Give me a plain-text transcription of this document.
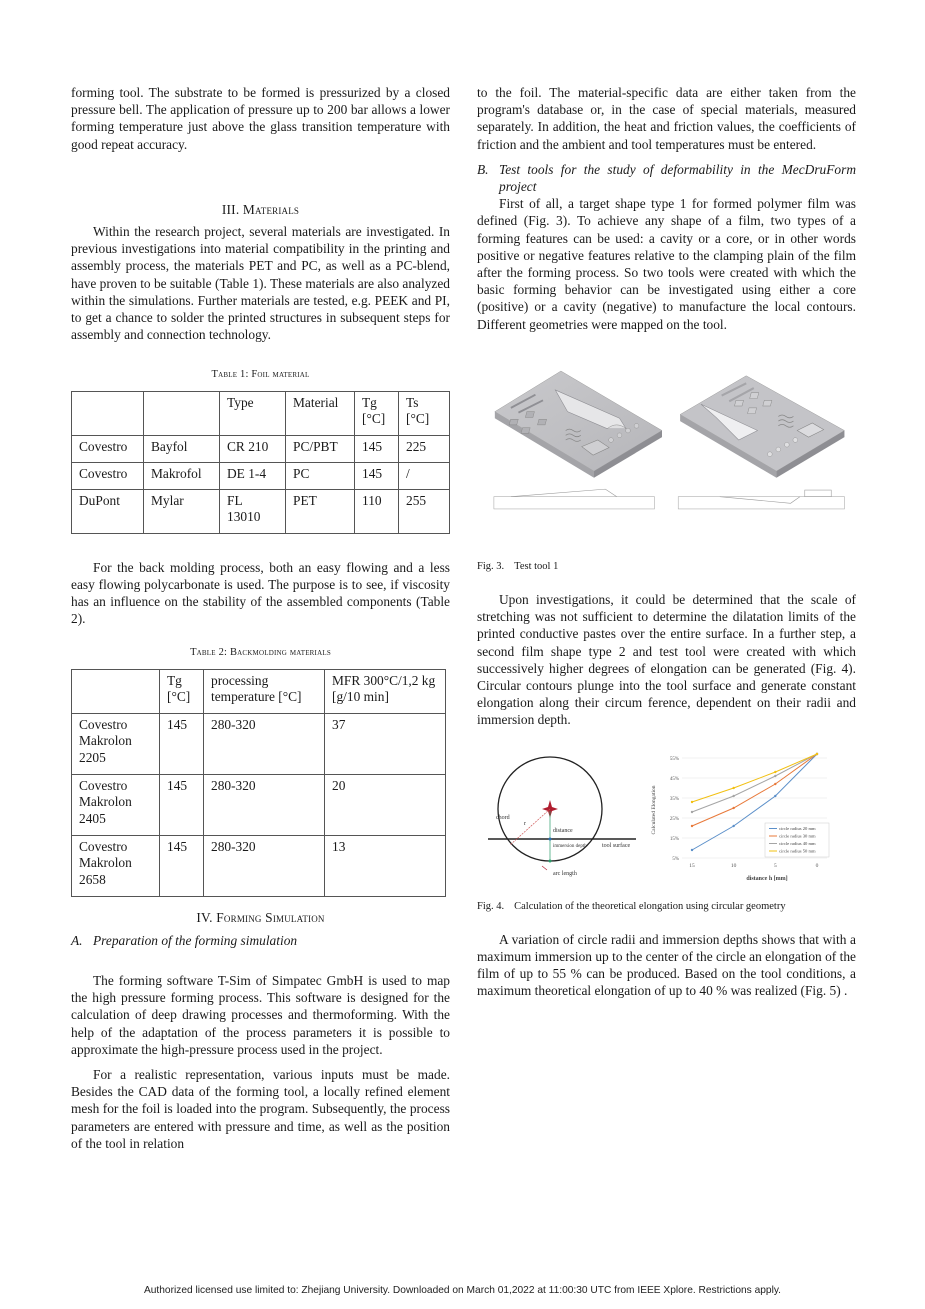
forming tool. The substrate to be formed is pressurized by a closed pressure bell. The application of pressure up to 200 bar allows a lower forming temperature just above the glass transition temperature with good repeat accuracy.

III. Materials

Within the research project, several materials are investigated. In previous investigations into material compatibility in the printing and assembly process, the materials PET and PC, as well as a PC-blend, have proven to be suitable (Table 1). These materials are also analyzed within the simulations. Further materials are tested, e.g. PEEK and PI, to get a chance to solder the printed structures in subsequent steps for assembly and connection technology.

Table 1: Foil material

		Type	Material	Tg [°C]	Ts [°C]
Covestro	Bayfol	CR 210	PC/PBT	145	225
Covestro	Makrofol	DE 1-4	PC	145	/
DuPont	Mylar	FL 13010	PET	110	255

For the back molding process, both an easy flowing and a less easy flowing polycarbonate is used. The purpose is to see, if viscosity has an influence on the stability of the assembled components (Table 2).

Table 2: Backmolding materials

	Tg [°C]	processing temperature [°C]	MFR 300°C/1,2 kg [g/10 min]
Covestro Makrolon 2205	145	280-320	37
Covestro Makrolon 2405	145	280-320	20
Covestro Makrolon 2658	145	280-320	13

IV. Forming Simulation

A. Preparation of the forming simulation

The forming software T-Sim of Simpatec GmbH is used to map the high pressure forming process. This software is designed for the calculation of deep drawing processes and thermoforming. With the help of the adaptation of the process parameters it is possible to approximate the high-pressure process used in the project.

For a realistic representation, various inputs must be made. Besides the CAD data of the forming tool, a locally refined element mesh for the foil is loaded into the program. Subsequently, the process parameters are entered with pressure and time, as well as the position of the tool in relation

to the foil. The material-specific data are either taken from the program's database or, in the case of special materials, measured separately. In addition, the heat and friction values, the coefficients of friction and the ambient and tool temperatures must be entered.

B. Test tools for the study of deformability in the MecDruForm project

First of all, a target shape type 1 for formed polymer film was defined (Fig. 3). To achieve any shape of a film, two types of a forming features can be used: a cavity or a core, or in other words positive or negative features relative to the clamping plain of the film after the forming process. So two tools were created with which the basic forming behavior can be investigated using either a core (positive) or a cavity (negative) to manufacture the local contours. Different geometries were mapped on the tool.

Fig. 3. Test tool 1

Upon investigations, it could be determined that the scale of stretching was not sufficient to determine the dilatation limits of the printed conductive pastes over the entire surface. In a further step, a second film shape type 2 and test tool were created with which successively higher degrees of elongation can be generated (Fig. 4). Circular contours plunge into the tool surface and generate constant elongation along their circum ference, dependent on their radii and immersion depth.

chord
r
distance
immersion depth	tool surface
arc length
5%
15%
25%
35%
45%
55%
15	10	5	0
Calculated Elongation
distance h [mm]
circle radius 20 mm
circle radius 30 mm
circle radius 40 mm
circle radius 50 mm

Fig. 4. Calculation of the theoretical elongation using circular geometry

A variation of circle radii and immersion depths shows that with a maximum immersion up to the center of the circle an elongation of the film of up to 55 % can be produced. Based on the tool conditions, a maximum theoretical elongation of up to 40 % was realized (Fig. 5) .

Authorized licensed use limited to: Zhejiang University. Downloaded on March 01,2022 at 11:00:30 UTC from IEEE Xplore. Restrictions apply.
